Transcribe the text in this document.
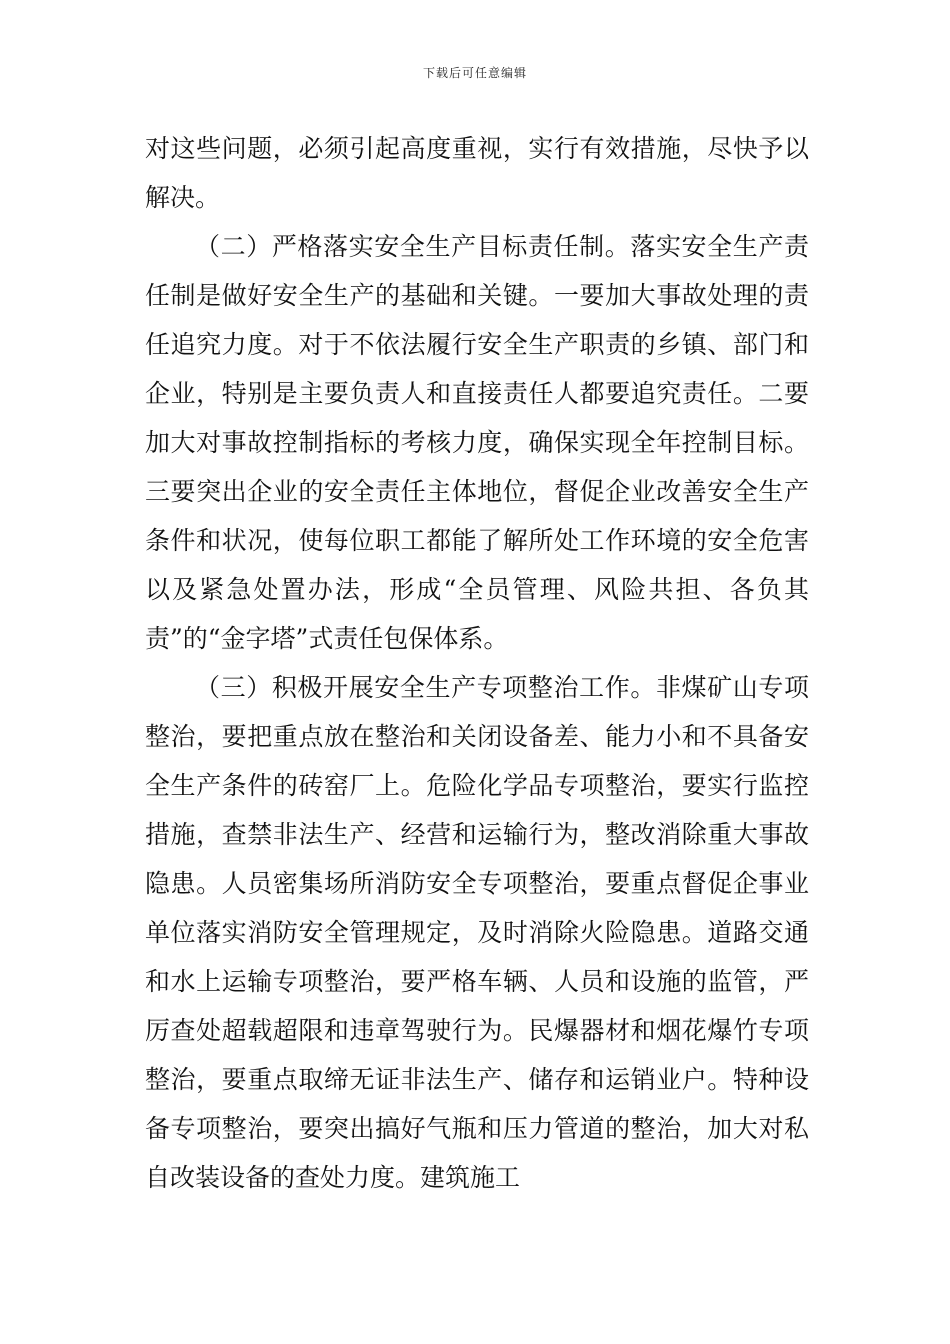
下载后可任意编辑

对这些问题，必须引起高度重视，实行有效措施，尽快予以解决。

（二）严格落实安全生产目标责任制。落实安全生产责任制是做好安全生产的基础和关键。一要加大事故处理的责任追究力度。对于不依法履行安全生产职责的乡镇、部门和企业，特别是主要负责人和直接责任人都要追究责任。二要加大对事故控制指标的考核力度，确保实现全年控制目标。三要突出企业的安全责任主体地位，督促企业改善安全生产条件和状况，使每位职工都能了解所处工作环境的安全危害以及紧急处置办法，形成“全员管理、风险共担、各负其责”的“金字塔”式责任包保体系。

（三）积极开展安全生产专项整治工作。非煤矿山专项整治，要把重点放在整治和关闭设备差、能力小和不具备安全生产条件的砖窑厂上。危险化学品专项整治，要实行监控措施，查禁非法生产、经营和运输行为，整改消除重大事故隐患。人员密集场所消防安全专项整治，要重点督促企事业单位落实消防安全管理规定，及时消除火险隐患。道路交通和水上运输专项整治，要严格车辆、人员和设施的监管，严厉查处超载超限和违章驾驶行为。民爆器材和烟花爆竹专项整治，要重点取缔无证非法生产、储存和运销业户。特种设备专项整治，要突出搞好气瓶和压力管道的整治，加大对私自改装设备的查处力度。建筑施工
